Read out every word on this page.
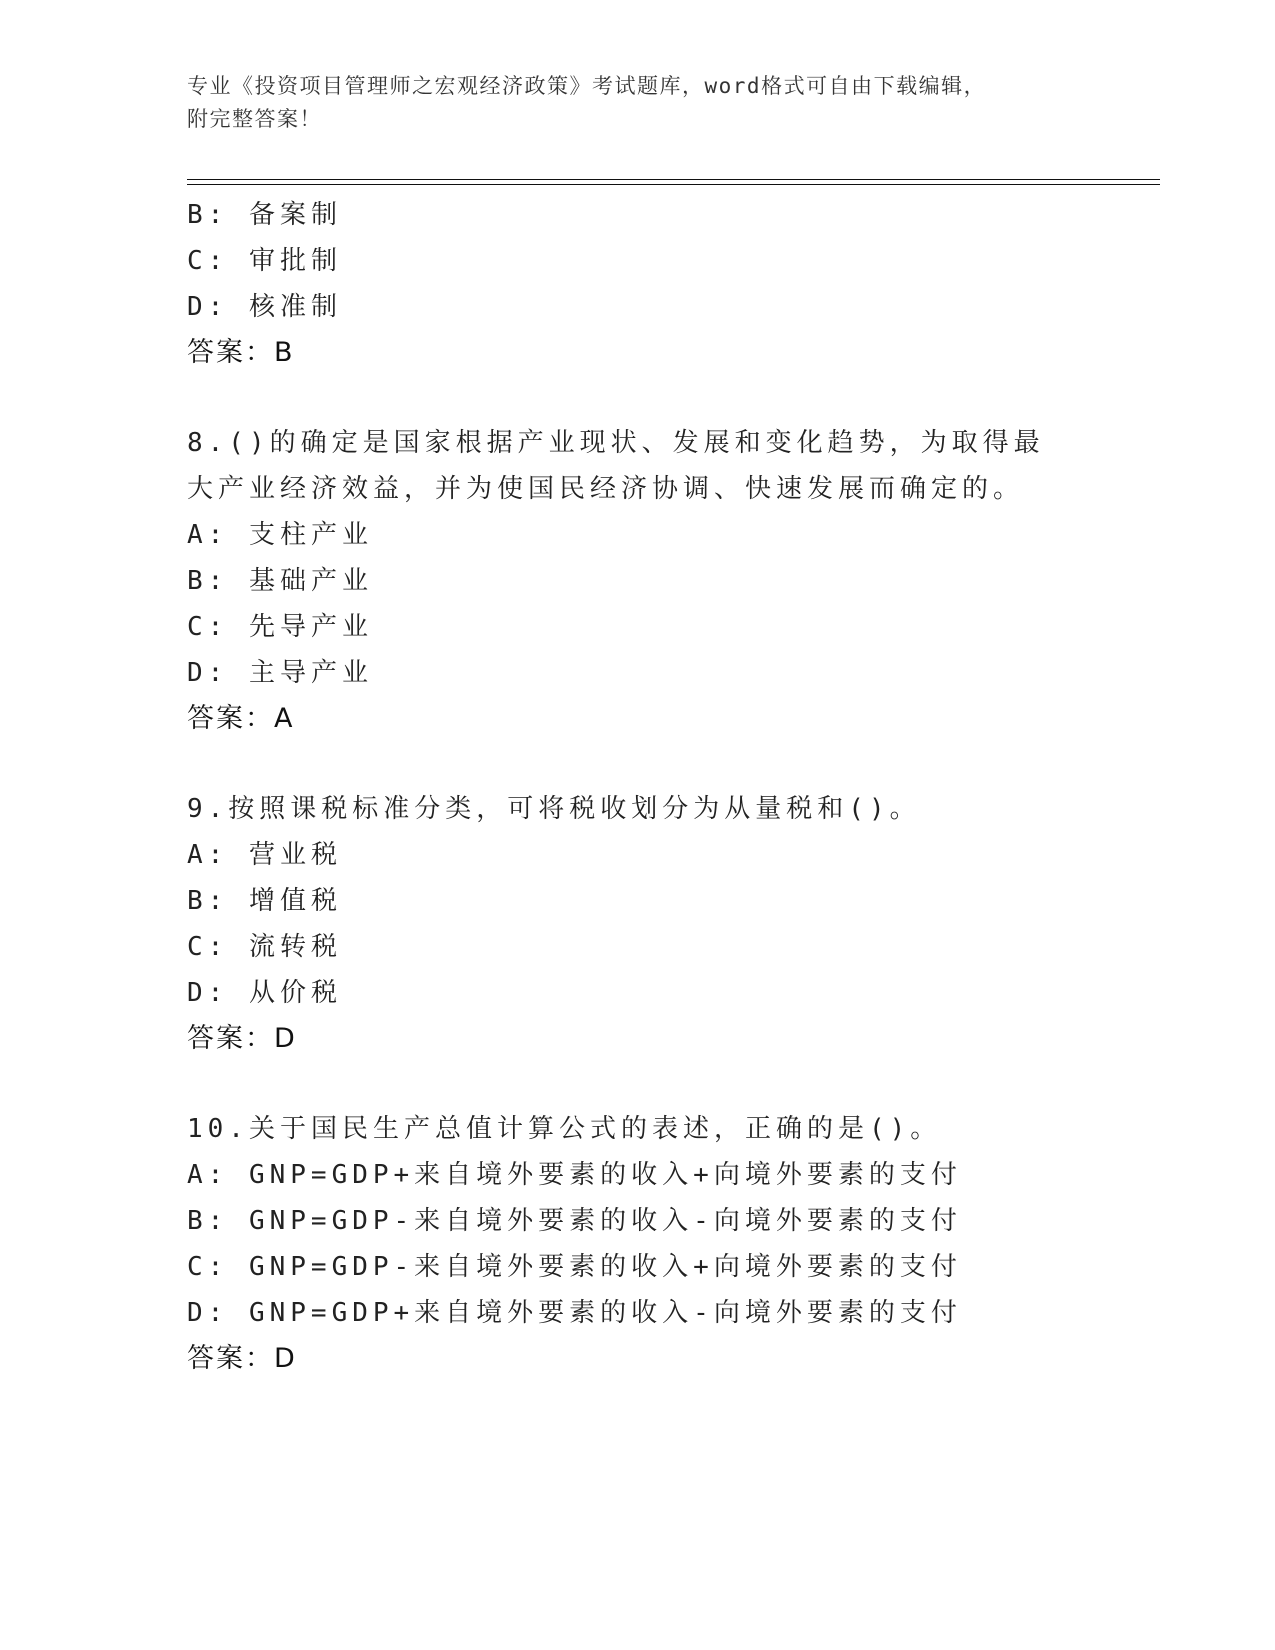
专业《投资项目管理师之宏观经济政策》考试题库，word格式可自由下载编辑，

附完整答案！

B: 备案制
C: 审批制
D: 核准制
答案：B
8.()的确定是国家根据产业现状、发展和变化趋势，为取得最大产业经济效益，并为使国民经济协调、快速发展而确定的。
A: 支柱产业
B: 基础产业
C: 先导产业
D: 主导产业
答案：A
9.按照课税标准分类，可将税收划分为从量税和()。
A: 营业税
B: 增值税
C: 流转税
D: 从价税
答案：D
10.关于国民生产总值计算公式的表述，正确的是()。
A: GNP=GDP+来自境外要素的收入+向境外要素的支付
B: GNP=GDP-来自境外要素的收入-向境外要素的支付
C: GNP=GDP-来自境外要素的收入+向境外要素的支付
D: GNP=GDP+来自境外要素的收入-向境外要素的支付
答案：D
